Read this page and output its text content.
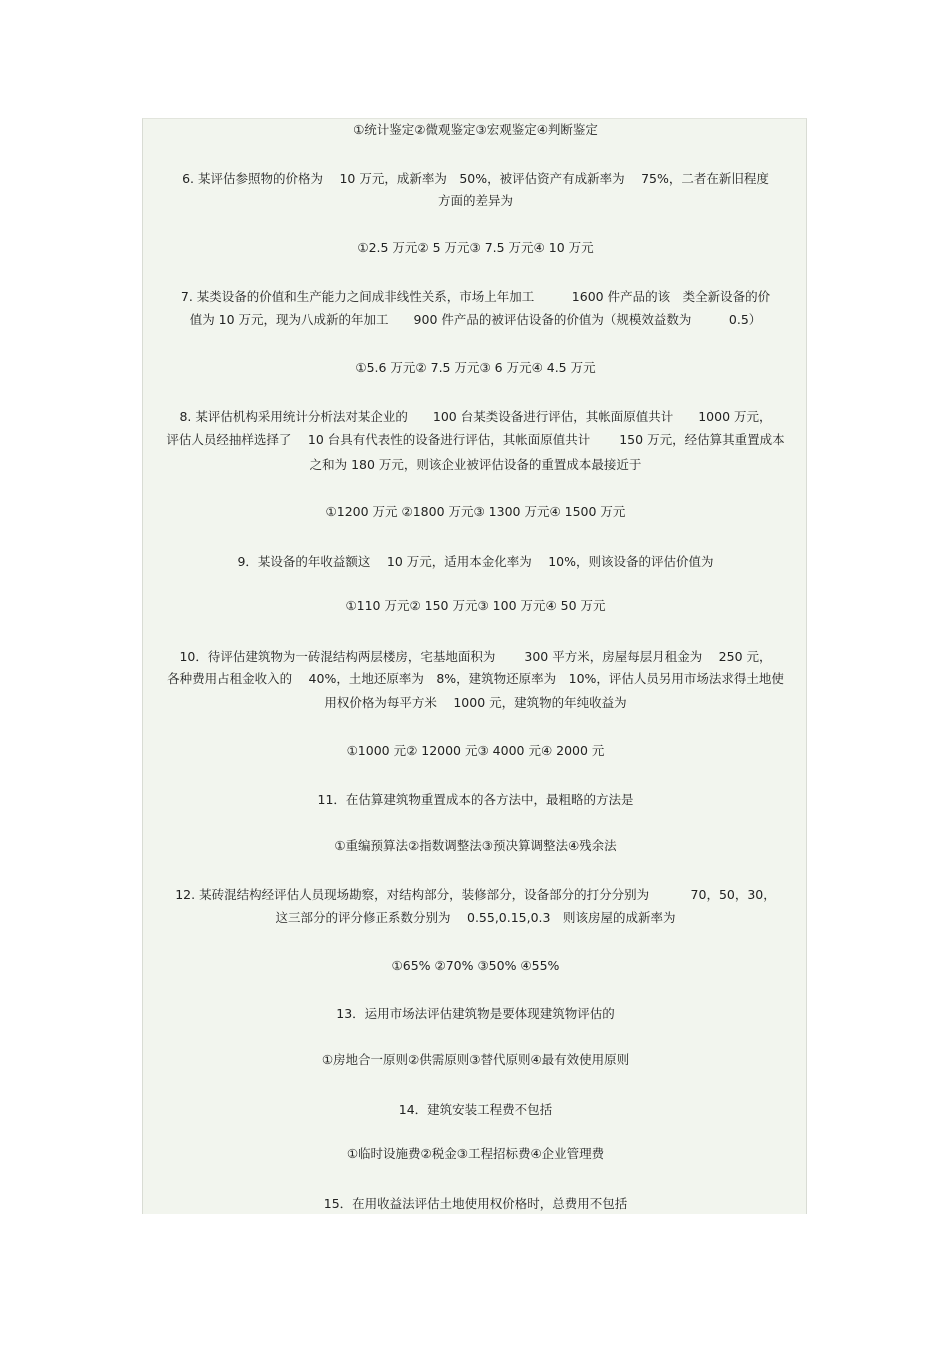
①统计鉴定②微观鉴定③宏观鉴定④判断鉴定
6. 某评估参照物的价格为　 10 万元，成新率为　50%，被评估资产有成新率为　 75%，二者在新旧程度
方面的差异为
①2.5 万元② 5 万元③ 7.5 万元④ 10 万元
7. 某类设备的价值和生产能力之间成非线性关系，市场上年加工　　　1600 件产品的该　类全新设备的价
值为 10 万元，现为八成新的年加工　　900 件产品的被评估设备的价值为（规模效益数为　　　0.5）
①5.6 万元② 7.5 万元③ 6 万元④ 4.5 万元
8. 某评估机构采用统计分析法对某企业的　　100 台某类设备进行评估，其帐面原值共计　　1000 万元，
评估人员经抽样选择了　 10 台具有代表性的设备进行评估，其帐面原值共计　　 150 万元，经估算其重置成本
之和为 180 万元，则该企业被评估设备的重置成本最接近于
①1200 万元 ②1800 万元③ 1300 万元④ 1500 万元
9．某设备的年收益额这　 10 万元，适用本金化率为　 10%，则该设备的评估价值为
①110 万元② 150 万元③ 100 万元④ 50 万元
10．待评估建筑物为一砖混结构两层楼房，宅基地面积为　　 300 平方米，房屋每层月租金为　 250 元，
各种费用占租金收入的　 40%，土地还原率为　8%，建筑物还原率为　10%，评估人员另用市场法求得土地使
用权价格为每平方米　 1000 元，建筑物的年纯收益为
①1000 元② 12000 元③ 4000 元④ 2000 元
11．在估算建筑物重置成本的各方法中，最粗略的方法是
①重编预算法②指数调整法③预决算调整法④残余法
12. 某砖混结构经评估人员现场勘察，对结构部分，装修部分，设备部分的打分分别为　　　 70，50，30，
这三部分的评分修正系数分别为　 0.55,0.15,0.3　则该房屋的成新率为
①65% ②70% ③50% ④55%
13．运用市场法评估建筑物是要体现建筑物评估的
①房地合一原则②供需原则③替代原则④最有效使用原则
14．建筑安装工程费不包括
①临时设施费②税金③工程招标费④企业管理费
15．在用收益法评估土地使用权价格时，总费用不包括
